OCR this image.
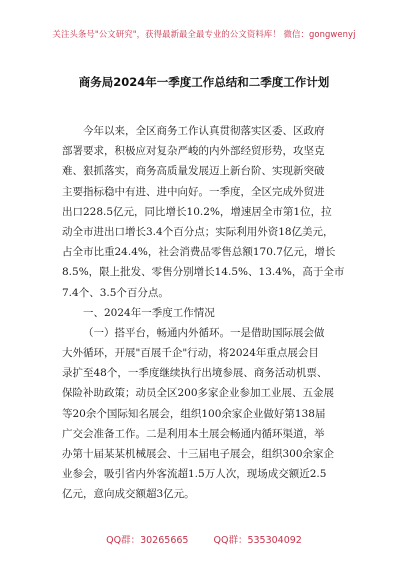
关注头条号"公文研究"，获得最新最全最专业的公文资料库！ 微信：gongwenyj
商务局2024年一季度工作总结和二季度工作计划
今年以来，全区商务工作认真贯彻落实区委、区政府
部署要求，积极应对复杂严峻的内外部经贸形势，攻坚克
难、狠抓落实，商务高质量发展迈上新台阶、实现新突破
主要指标稳中有进、进中向好。一季度，全区完成外贸进
出口228.5亿元，同比增长10.2%，增速居全市第1位，拉
动全市进出口增长3.4个百分点；实际利用外资18亿美元，
占全市比重24.4%，社会消费品零售总额170.7亿元，增长
8.5%，限上批发、零售分别增长14.5%、13.4%，高于全市
7.4个、3.5个百分点。
一、2024年一季度工作情况
（一）搭平台，畅通内外循环。一是借助国际展会做
大外循环，开展"百展千企"行动，将2024年重点展会目
录扩至48个，一季度继续执行出境参展、商务活动机票、
保险补助政策；动员全区200多家企业参加工业展、五金展
等20余个国际知名展会，组织100余家企业做好第138届
广交会准备工作。二是利用本土展会畅通内循环渠道，举
办第十届某某机械展会、十三届电子展会，组织300余家企
业参会，吸引省内外客流超1.5万人次，现场成交额近2.5
亿元，意向成交额超3亿元。
QQ群：30265665	QQ群：535304092
